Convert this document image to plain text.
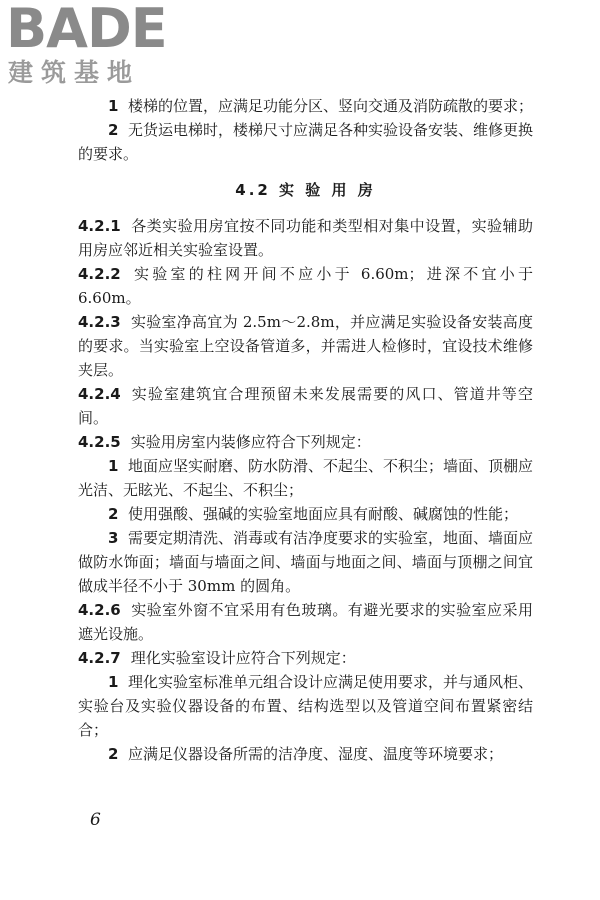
BADE
建筑基地

1 楼梯的位置，应满足功能分区、竖向交通及消防疏散的要求；

2 无货运电梯时，楼梯尺寸应满足各种实验设备安装、维修更换的要求。

4.2 实 验 用 房

4.2.1 各类实验用房宜按不同功能和类型相对集中设置，实验辅助用房应邻近相关实验室设置。

4.2.2 实验室的柱网开间不应小于 6.60m；进深不宜小于 6.60m。

4.2.3 实验室净高宜为 2.5m～2.8m，并应满足实验设备安装高度的要求。当实验室上空设备管道多，并需进人检修时，宜设技术维修夹层。

4.2.4 实验室建筑宜合理预留未来发展需要的风口、管道井等空间。

4.2.5 实验用房室内装修应符合下列规定：

1 地面应坚实耐磨、防水防滑、不起尘、不积尘；墙面、顶棚应光洁、无眩光、不起尘、不积尘；

2 使用强酸、强碱的实验室地面应具有耐酸、碱腐蚀的性能；

3 需要定期清洗、消毒或有洁净度要求的实验室，地面、墙面应做防水饰面；墙面与墙面之间、墙面与地面之间、墙面与顶棚之间宜做成半径不小于 30mm 的圆角。

4.2.6 实验室外窗不宜采用有色玻璃。有避光要求的实验室应采用遮光设施。

4.2.7 理化实验室设计应符合下列规定：

1 理化实验室标准单元组合设计应满足使用要求，并与通风柜、实验台及实验仪器设备的布置、结构选型以及管道空间布置紧密结合；

2 应满足仪器设备所需的洁净度、湿度、温度等环境要求；

6
